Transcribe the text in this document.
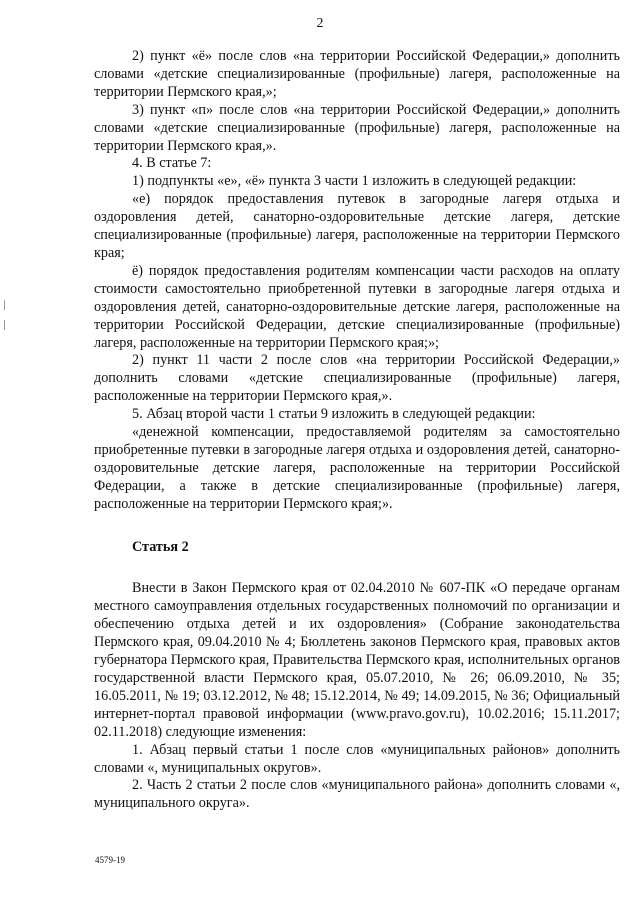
2

2) пункт «ё» после слов «на территории Российской Федерации,» дополнить словами «детские специализированные (профильные) лагеря, расположенные на территории Пермского края,»;

3) пункт «п» после слов «на территории Российской Федерации,» дополнить словами «детские специализированные (профильные) лагеря, расположенные на территории Пермского края,».

4. В статье 7:

1) подпункты «е», «ё» пункта 3 части 1 изложить в следующей редакции:

«е) порядок предоставления путевок в загородные лагеря отдыха и оздоровления детей, санаторно-оздоровительные детские лагеря, детские специализированные (профильные) лагеря, расположенные на территории Пермского края;

ё) порядок предоставления родителям компенсации части расходов на оплату стоимости самостоятельно приобретенной путевки в загородные лагеря отдыха и оздоровления детей, санаторно-оздоровительные детские лагеря, расположенные на территории Российской Федерации, детские специализированные (профильные) лагеря, расположенные на территории Пермского края;»;

2) пункт 11 части 2 после слов «на территории Российской Федерации,» дополнить словами «детские специализированные (профильные) лагеря, расположенные на территории Пермского края,».

5. Абзац второй части 1 статьи 9 изложить в следующей редакции:

«денежной компенсации, предоставляемой родителям за самостоятельно приобретенные путевки в загородные лагеря отдыха и оздоровления детей, санаторно-оздоровительные детские лагеря, расположенные на территории Российской Федерации, а также в детские специализированные (профильные) лагеря, расположенные на территории Пермского края;».

Статья 2

Внести в Закон Пермского края от 02.04.2010 № 607-ПК «О передаче органам местного самоуправления отдельных государственных полномочий по организации и обеспечению отдыха детей и их оздоровления» (Собрание законодательства Пермского края, 09.04.2010 № 4; Бюллетень законов Пермского края, правовых актов губернатора Пермского края, Правительства Пермского края, исполнительных органов государственной власти Пермского края, 05.07.2010, № 26; 06.09.2010, № 35; 16.05.2011, № 19; 03.12.2012, № 48; 15.12.2014, № 49; 14.09.2015, № 36; Официальный интернет-портал правовой информации (www.pravo.gov.ru), 10.02.2016; 15.11.2017; 02.11.2018) следующие изменения:

1. Абзац первый статьи 1 после слов «муниципальных районов» дополнить словами «, муниципальных округов».

2. Часть 2 статьи 2 после слов «муниципального района» дополнить словами «, муниципального округа».

4579-19
